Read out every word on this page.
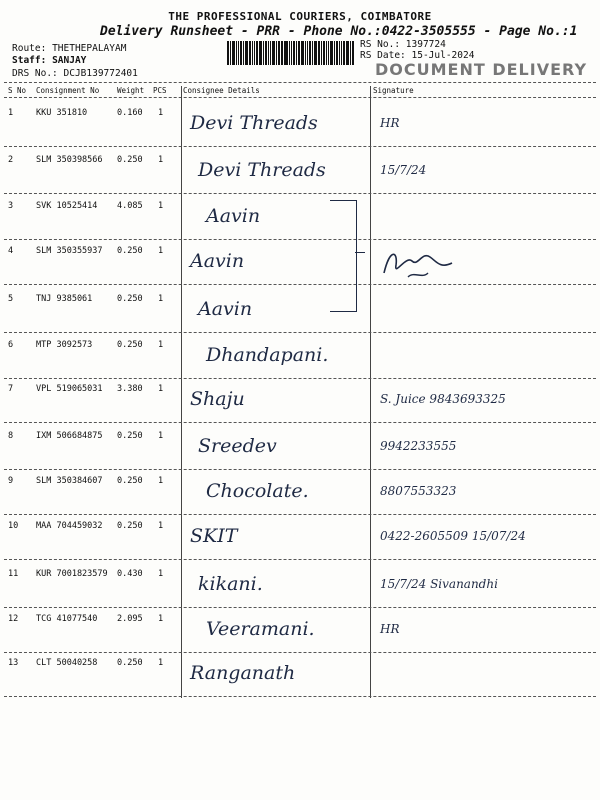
THE PROFESSIONAL COURIERS, COIMBATORE
Delivery Runsheet - PRR - Phone No.:0422-3505555 - Page No.:1
Route: THETHEPALAYAM
Staff: SANJAY
DRS No.: DCJB139772401
RS No.: 1397724
RS Date: 15-Jul-2024
DOCUMENT DELIVERY
S No Consignment No Weight PCS Consignee Details	Signature
1	KKU 351810	0.160 1 Devi Threads	HR
2	SLM 350398566 0.250 1 Devi Threads	15/7/24
3	SVK 10525414 4.085 1 Aavin
4	SLM 350355937 0.250 1 Aavin
5	TNJ 9385061	0.250 1 Aavin
6	MTP 3092573	0.250 1 Dhandapani.
7	VPL 519065031 3.380 1 Shaju	S. Juice 9843693325
8	IXM 506684875 0.250 1 Sreedev	9942233555
9	SLM 350384607 0.250 1 Chocolate.	8807553323
10 MAA 704459032 0.250 1 SKIT	0422-2605509 15/07/24
11 KUR 7001823579 0.430 1 kikani.	15/7/24 Sivanandhi
12 TCG 41077540 2.095 1 Veeramani.	HR
13 CLT 50040258 0.250 1 Ranganath
